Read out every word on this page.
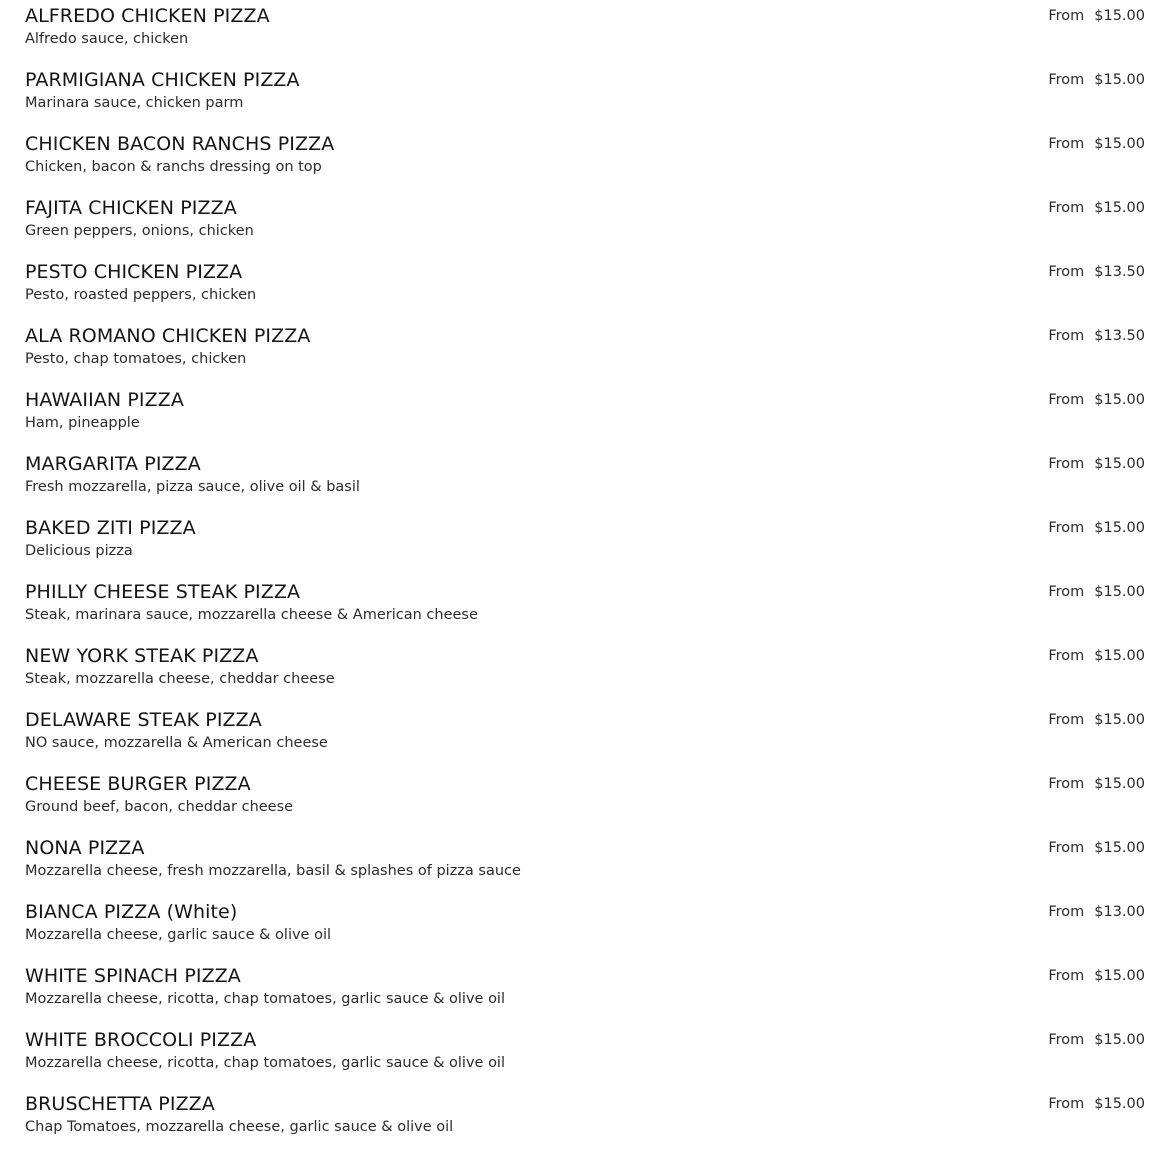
ALFREDO CHICKEN PIZZA
Alfredo sauce, chicken
From $15.00
PARMIGIANA CHICKEN PIZZA
Marinara sauce, chicken parm
From $15.00
CHICKEN BACON RANCHS PIZZA
Chicken, bacon & ranchs dressing on top
From $15.00
FAJITA CHICKEN PIZZA
Green peppers, onions, chicken
From $15.00
PESTO CHICKEN PIZZA
Pesto, roasted peppers, chicken
From $13.50
ALA ROMANO CHICKEN PIZZA
Pesto, chap tomatoes, chicken
From $13.50
HAWAIIAN PIZZA
Ham, pineapple
From $15.00
MARGARITA PIZZA
Fresh mozzarella, pizza sauce, olive oil & basil
From $15.00
BAKED ZITI PIZZA
Delicious pizza
From $15.00
PHILLY CHEESE STEAK PIZZA
Steak, marinara sauce, mozzarella cheese & American cheese
From $15.00
NEW YORK STEAK PIZZA
Steak, mozzarella cheese, cheddar cheese
From $15.00
DELAWARE STEAK PIZZA
NO sauce, mozzarella & American cheese
From $15.00
CHEESE BURGER PIZZA
Ground beef, bacon, cheddar cheese
From $15.00
NONA PIZZA
Mozzarella cheese, fresh mozzarella, basil & splashes of pizza sauce
From $15.00
BIANCA PIZZA (White)
Mozzarella cheese, garlic sauce & olive oil
From $13.00
WHITE SPINACH PIZZA
Mozzarella cheese, ricotta, chap tomatoes, garlic sauce & olive oil
From $15.00
WHITE BROCCOLI PIZZA
Mozzarella cheese, ricotta, chap tomatoes, garlic sauce & olive oil
From $15.00
BRUSCHETTA PIZZA
Chap Tomatoes, mozzarella cheese, garlic sauce & olive oil
From $15.00
